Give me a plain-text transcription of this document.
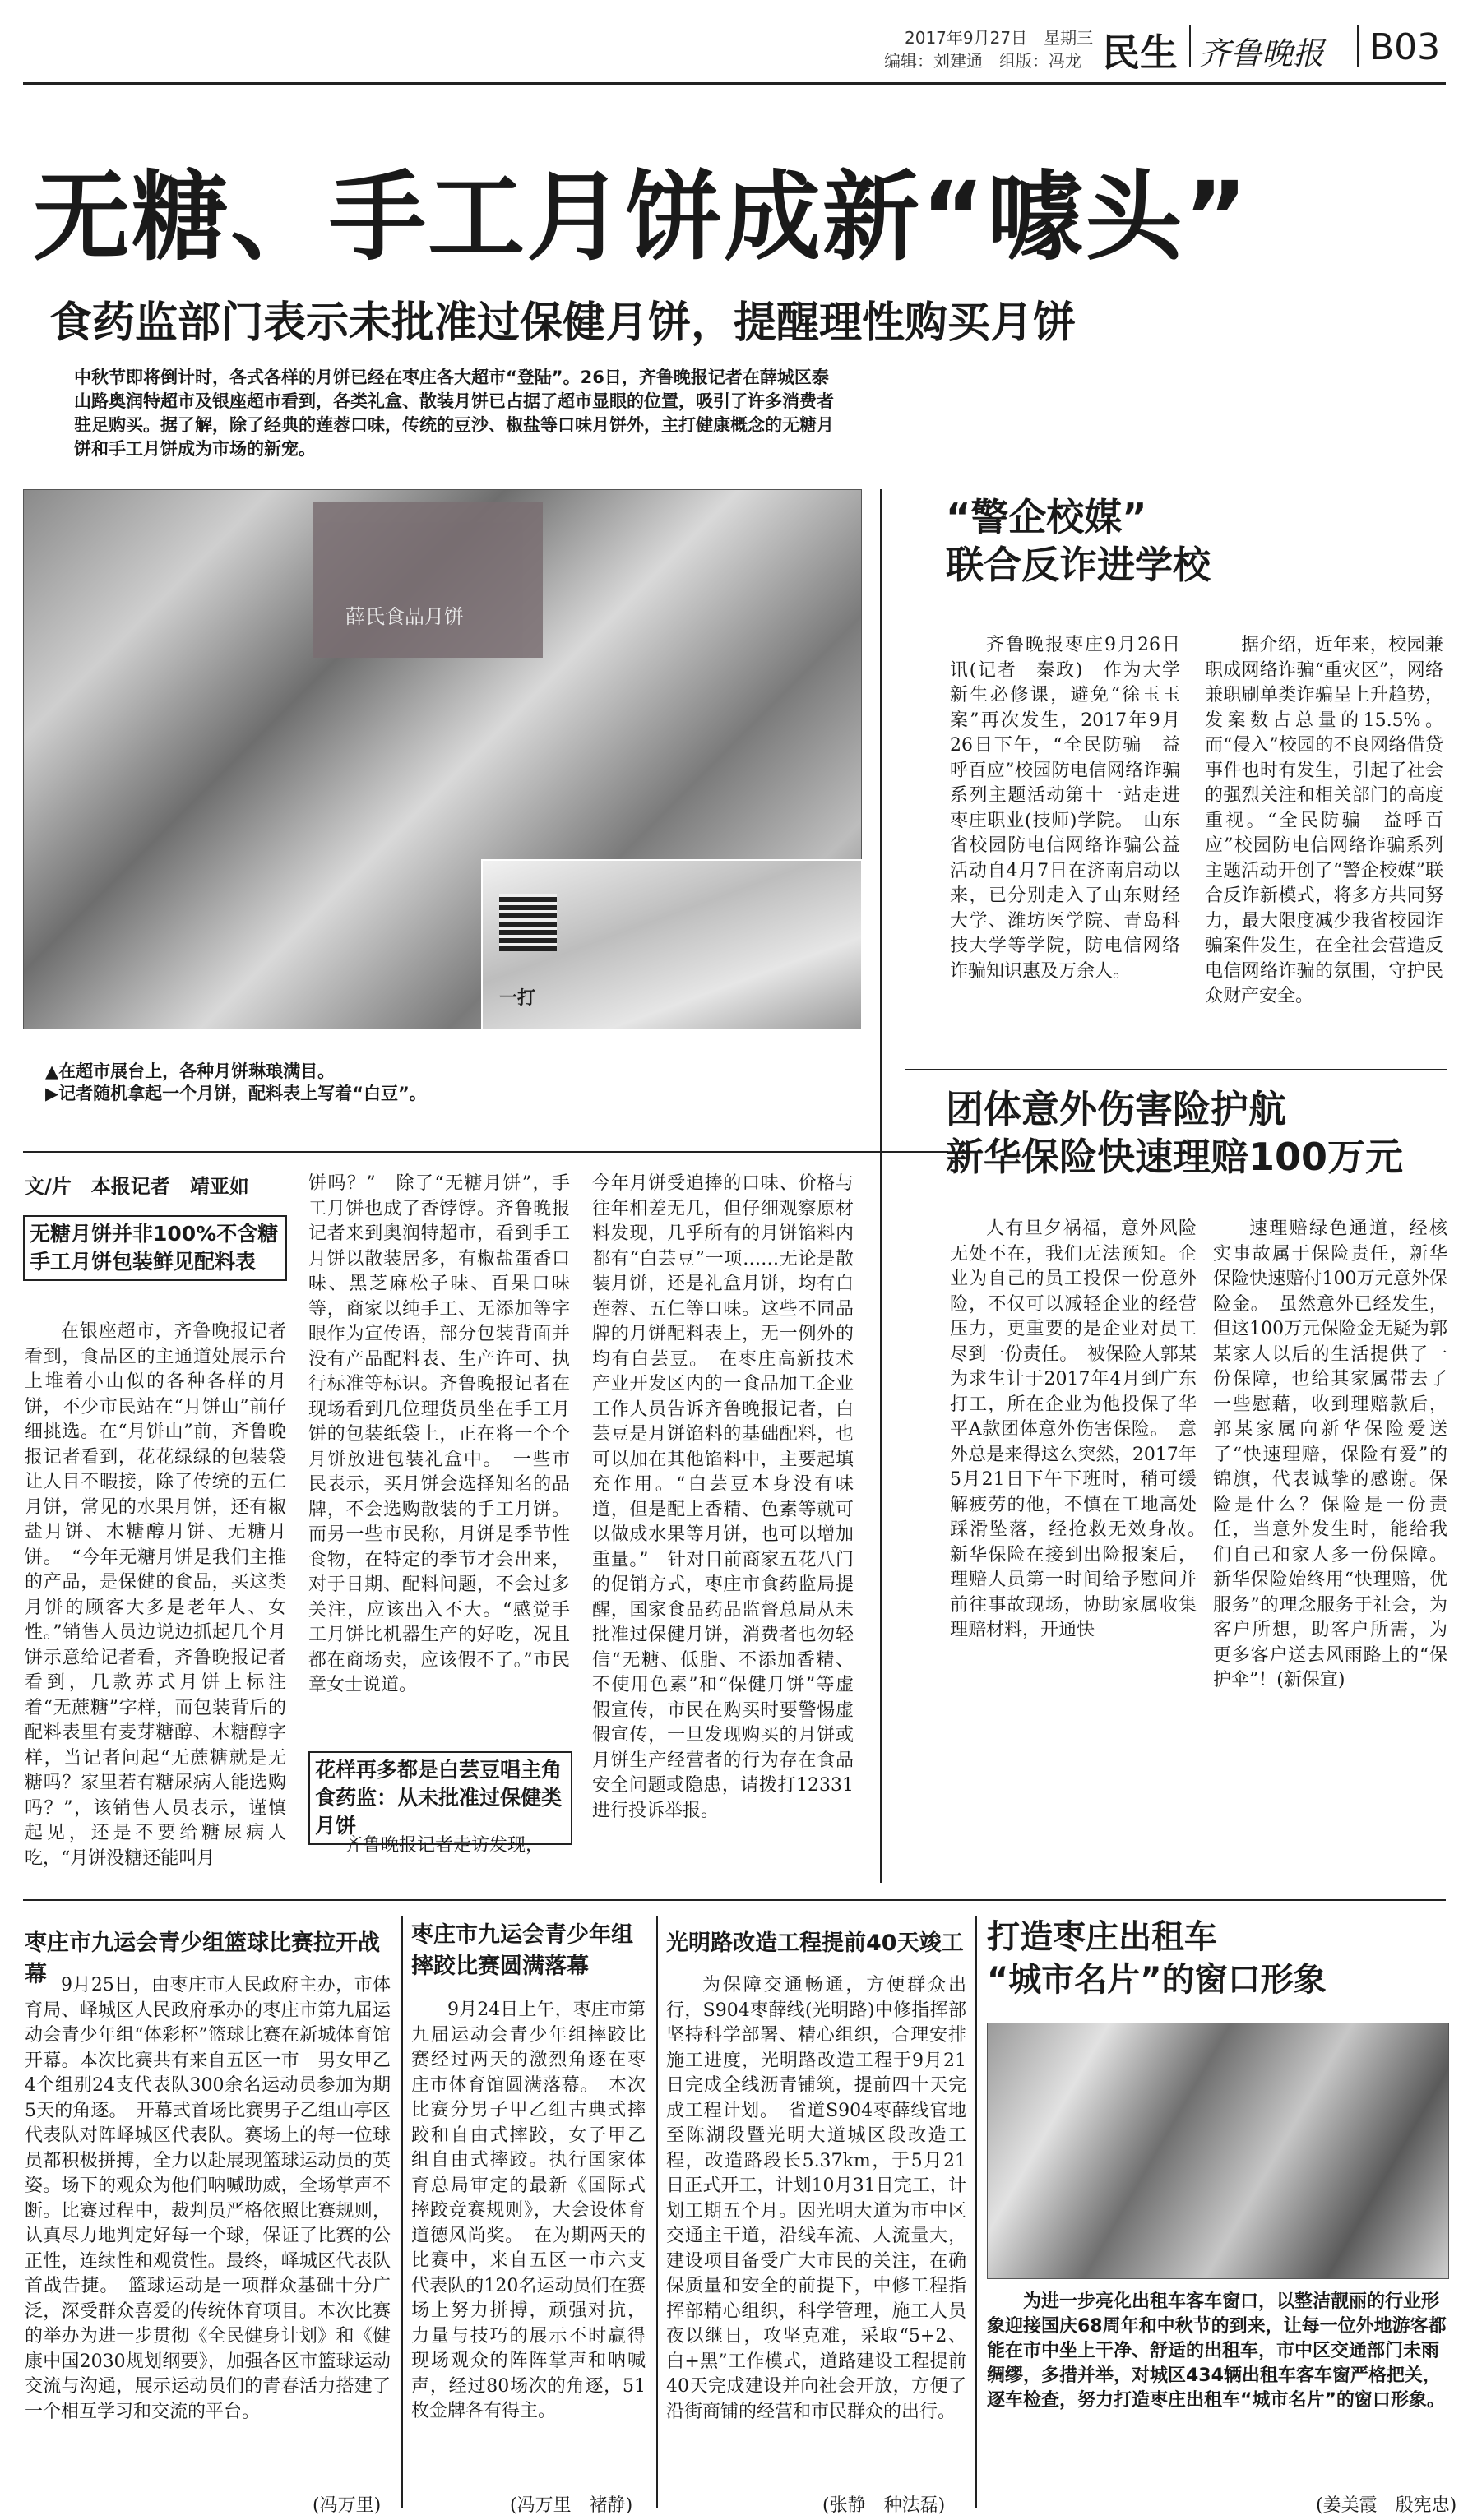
2017年9月27日　星期三
编辑：刘建通　组版：冯龙 民生 齐鲁晚报 B03
无糖、手工月饼成新“噱头”
食药监部门表示未批准过保健月饼，提醒理性购买月饼
中秋节即将倒计时，各式各样的月饼已经在枣庄各大超市“登陆”。26日，齐鲁晚报记者在薛城区泰山路奥润特超市及银座超市看到，各类礼盒、散装月饼已占据了超市显眼的位置，吸引了许多消费者驻足购买。据了解，除了经典的莲蓉口味，传统的豆沙、椒盐等口味月饼外，主打健康概念的无糖月饼和手工月饼成为市场的新宠。
薛氏食品月饼
一打
▲在超市展台上，各种月饼琳琅满目。
▶记者随机拿起一个月饼，配料表上写着“白豆”。
文/片　本报记者　靖亚如
无糖月饼并非100%不含糖 手工月饼包装鲜见配料表

在银座超市，齐鲁晚报记者看到，食品区的主通道处展示台上堆着小山似的各种各样的月饼，不少市民站在“月饼山”前仔细挑选。在“月饼山”前，齐鲁晚报记者看到，花花绿绿的包装袋让人目不暇接，除了传统的五仁月饼，常见的水果月饼，还有椒盐月饼、木糖醇月饼、无糖月饼。　“今年无糖月饼是我们主推的产品，是保健的食品，买这类月饼的顾客大多是老年人、女性。”销售人员边说边抓起几个月饼示意给记者看，齐鲁晚报记者看到，几款苏式月饼上标注着“无蔗糖”字样，而包装背后的配料表里有麦芽糖醇、木糖醇字样，当记者问起“无蔗糖就是无糖吗？家里若有糖尿病人能选购吗？”，该销售人员表示，谨慎起见，还是不要给糖尿病人吃，“月饼没糖还能叫月

饼吗？”　除了“无糖月饼”，手工月饼也成了香饽饽。齐鲁晚报记者来到奥润特超市，看到手工月饼以散装居多，有椒盐蛋香口味、黑芝麻松子味、百果口味等，商家以纯手工、无添加等字眼作为宣传语，部分包装背面并没有产品配料表、生产许可、执行标准等标识。齐鲁晚报记者在现场看到几位理货员坐在手工月饼的包装纸袋上，正在将一个个月饼放进包装礼盒中。　一些市民表示，买月饼会选择知名的品牌，不会选购散装的手工月饼。而另一些市民称，月饼是季节性食物，在特定的季节才会出来，对于日期、配料问题，不会过多关注，应该出入不大。“感觉手工月饼比机器生产的好吃，况且都在商场卖，应该假不了。”市民章女士说道。

花样再多都是白芸豆唱主角 食药监：从未批准过保健类月饼

齐鲁晚报记者走访发现，

今年月饼受追捧的口味、价格与往年相差无几，但仔细观察原材料发现，几乎所有的月饼馅料内都有“白芸豆”一项……无论是散装月饼，还是礼盒月饼，均有白莲蓉、五仁等口味。这些不同品牌的月饼配料表上，无一例外的均有白芸豆。　在枣庄高新技术产业开发区内的一食品加工企业工作人员告诉齐鲁晚报记者，白芸豆是月饼馅料的基础配料，也可以加在其他馅料中，主要起填充作用。“白芸豆本身没有味道，但是配上香精、色素等就可以做成水果等月饼，也可以增加重量。”　针对目前商家五花八门的促销方式，枣庄市食药监局提醒，国家食品药品监督总局从未批准过保健月饼，消费者也勿轻信“无糖、低脂、不添加香精、不使用色素”和“保健月饼”等虚假宣传，市民在购买时要警惕虚假宣传，一旦发现购买的月饼或月饼生产经营者的行为存在食品安全问题或隐患，请拨打12331进行投诉举报。

“警企校媒”
联合反诈进学校

齐鲁晚报枣庄9月26日讯(记者　秦政)　作为大学新生必修课，避免“徐玉玉案”再次发生，2017年9月26日下午，“全民防骗　益呼百应”校园防电信网络诈骗系列主题活动第十一站走进枣庄职业(技师)学院。　山东省校园防电信网络诈骗公益活动自4月7日在济南启动以来，已分别走入了山东财经大学、潍坊医学院、青岛科技大学等学院，防电信网络诈骗知识惠及万余人。

据介绍，近年来，校园兼职成网络诈骗“重灾区”，网络兼职刷单类诈骗呈上升趋势，发案数占总量的15.5%。而“侵入”校园的不良网络借贷事件也时有发生，引起了社会的强烈关注和相关部门的高度重视。“全民防骗　益呼百应”校园防电信网络诈骗系列主题活动开创了“警企校媒”联合反诈新模式，将多方共同努力，最大限度减少我省校园诈骗案件发生，在全社会营造反电信网络诈骗的氛围，守护民众财产安全。

团体意外伤害险护航
新华保险快速理赔100万元

人有旦夕祸福，意外风险无处不在，我们无法预知。企业为自己的员工投保一份意外险，不仅可以减轻企业的经营压力，更重要的是企业对员工尽到一份责任。　被保险人郭某为求生计于2017年4月到广东打工，所在企业为他投保了华平A款团体意外伤害保险。　意外总是来得这么突然，2017年5月21日下午下班时，稍可缓解疲劳的他，不慎在工地高处踩滑坠落，经抢救无效身故。　新华保险在接到出险报案后，理赔人员第一时间给予慰问并前往事故现场，协助家属收集理赔材料，开通快

速理赔绿色通道，经核实事故属于保险责任，新华保险快速赔付100万元意外保险金。　虽然意外已经发生，但这100万元保险金无疑为郭某家人以后的生活提供了一份保障，也给其家属带去了一些慰藉，收到理赔款后，郭某家属向新华保险爱送了“快速理赔，保险有爱”的锦旗，代表诚挚的感谢。保险是什么？保险是一份责任，当意外发生时，能给我们自己和家人多一份保障。新华保险始终用“快理赔，优服务”的理念服务于社会，为客户所想，助客户所需，为更多客户送去风雨路上的“保护伞”！(新保宣)

枣庄市九运会青少组篮球比赛拉开战幕 9月25日，由枣庄市人民政府主办，市体育局、峄城区人民政府承办的枣庄市第九届运动会青少年组“体彩杯”篮球比赛在新城体育馆开幕。本次比赛共有来自五区一市　男女甲乙4个组别24支代表队300余名运动员参加为期5天的角逐。　开幕式首场比赛男子乙组山亭区代表队对阵峄城区代表队。赛场上的每一位球员都积极拼搏，全力以赴展现篮球运动员的英姿。场下的观众为他们呐喊助威，全场掌声不断。比赛过程中，裁判员严格依照比赛规则，认真尽力地判定好每一个球，保证了比赛的公正性，连续性和观赏性。最终，峄城区代表队首战告捷。　篮球运动是一项群众基础十分广泛，深受群众喜爱的传统体育项目。本次比赛的举办为进一步贯彻《全民健身计划》和《健康中国2030规划纲要》，加强各区市篮球运动交流与沟通，展示运动员们的青春活力搭建了一个相互学习和交流的平台。

(冯万里)
枣庄市九运会青少年组摔跤比赛圆满落幕

9月24日上午，枣庄市第九届运动会青少年组摔跤比赛经过两天的激烈角逐在枣庄市体育馆圆满落幕。　本次比赛分男子甲乙组古典式摔跤和自由式摔跤，女子甲乙组自由式摔跤。执行国家体育总局审定的最新《国际式摔跤竞赛规则》，大会设体育道德风尚奖。　在为期两天的比赛中，来自五区一市六支代表队的120名运动员们在赛场上努力拼搏，顽强对抗，力量与技巧的展示不时赢得现场观众的阵阵掌声和呐喊声，经过80场次的角逐，51枚金牌各有得主。

(冯万里　褚静)
光明路改造工程提前40天竣工

为保障交通畅通，方便群众出行，S904枣薛线(光明路)中修指挥部坚持科学部署、精心组织，合理安排施工进度，光明路改造工程于9月21日完成全线沥青铺筑，提前四十天完成工程计划。　省道S904枣薛线官地至陈湖段暨光明大道城区段改造工程，改造路段长5.37km，于5月21日正式开工，计划10月31日完工，计划工期五个月。因光明大道为市中区交通主干道，沿线车流、人流量大，建设项目备受广大市民的关注，在确保质量和安全的前提下，中修工程指挥部精心组织，科学管理，施工人员夜以继日，攻坚克难，采取“5+2、白+黑”工作模式，道路建设工程提前40天完成建设并向社会开放，方便了沿街商铺的经营和市民群众的出行。

(张静　种法磊)
打造枣庄出租车
“城市名片”的窗口形象
为进一步亮化出租车客车窗口，以整洁靓丽的行业形象迎接国庆68周年和中秋节的到来，让每一位外地游客都能在市中坐上干净、舒适的出租车，市中区交通部门未雨绸缪，多措并举，对城区434辆出租车客车窗严格把关，逐车检查，努力打造枣庄出租车“城市名片”的窗口形象。
(姜美霞　殷宪忠)
